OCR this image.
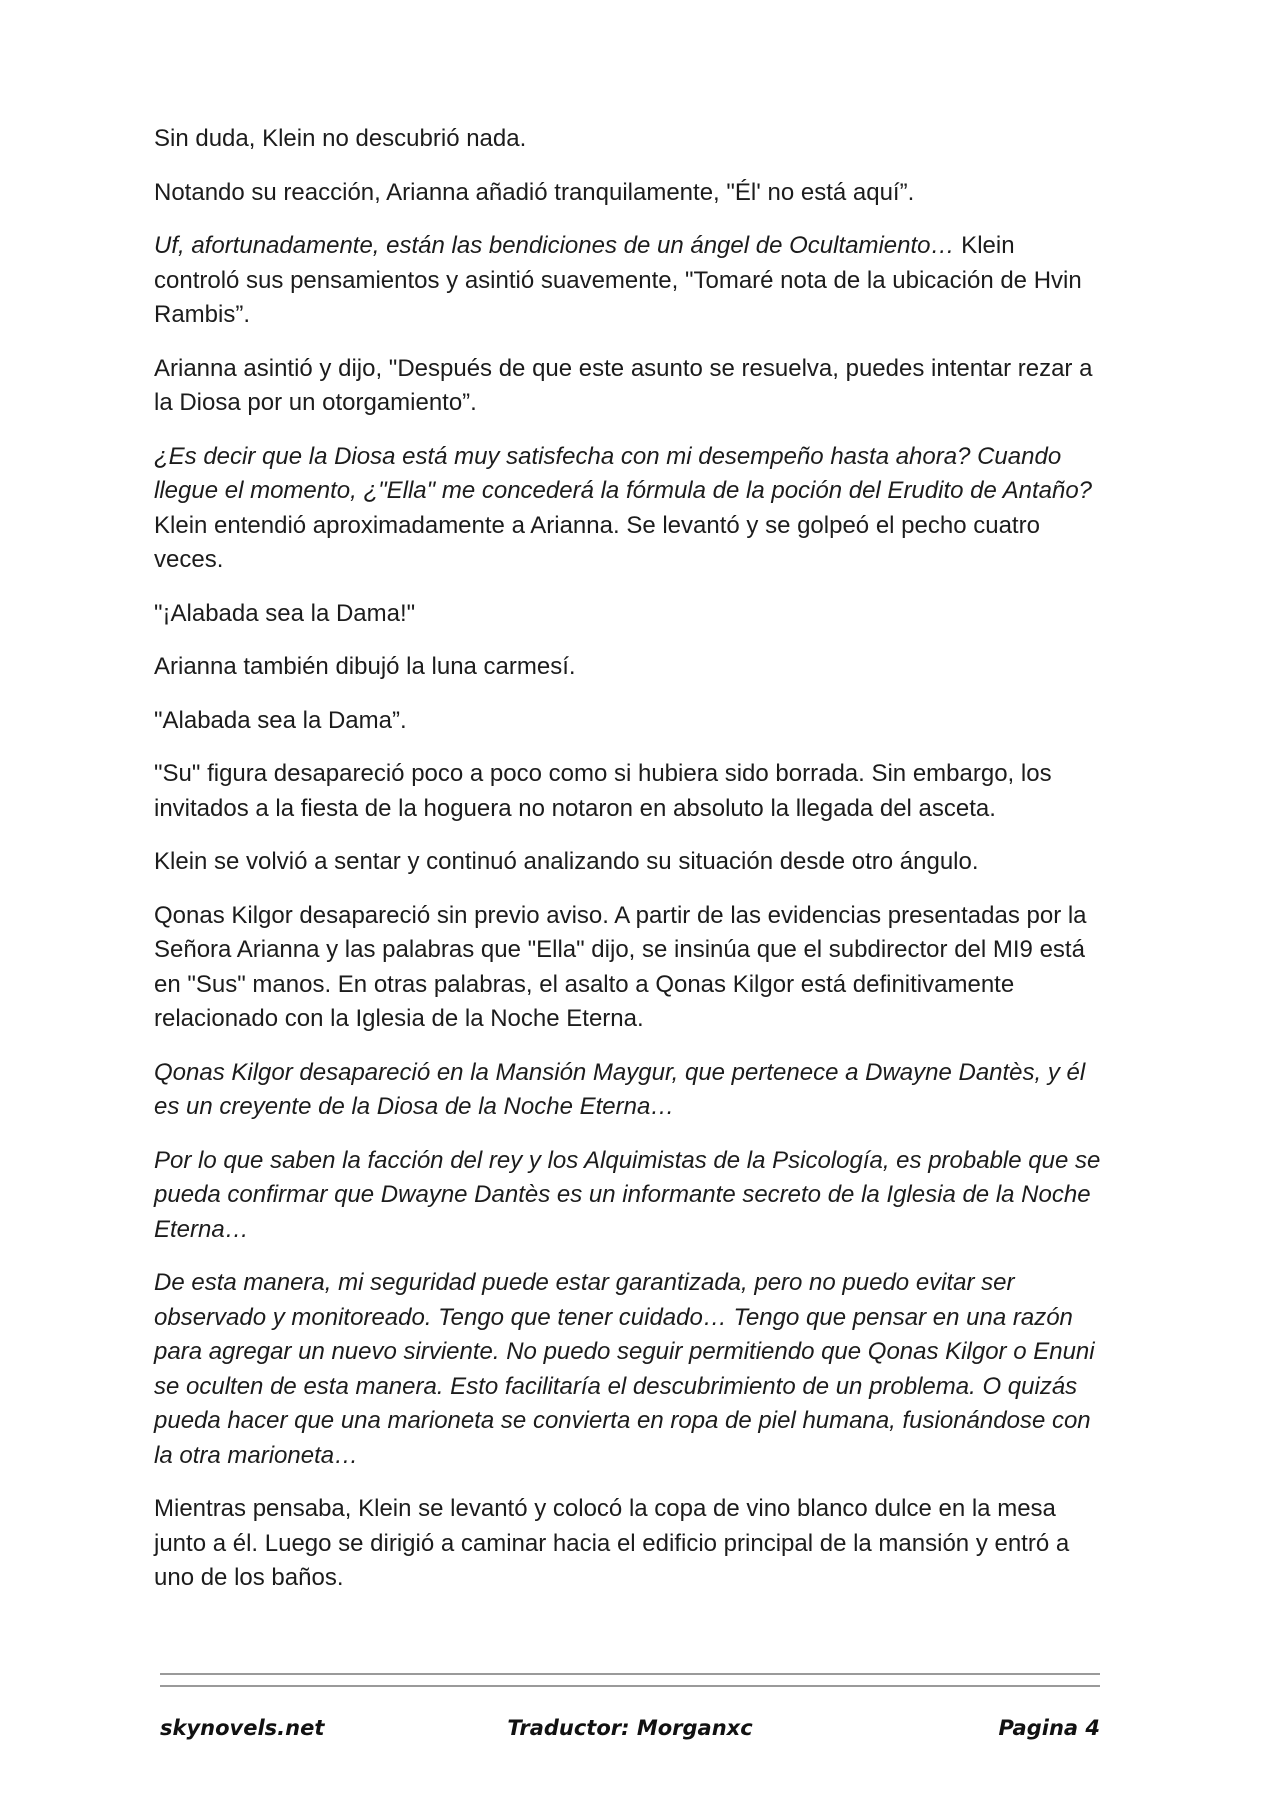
Sin duda, Klein no descubrió nada.

Notando su reacción, Arianna añadió tranquilamente, "Él' no está aquí”.

Uf, afortunadamente, están las bendiciones de un ángel de Ocultamiento… Klein controló sus pensamientos y asintió suavemente, "Tomaré nota de la ubicación de Hvin Rambis”.

Arianna asintió y dijo, "Después de que este asunto se resuelva, puedes intentar rezar a la Diosa por un otorgamiento”.

¿Es decir que la Diosa está muy satisfecha con mi desempeño hasta ahora? Cuando llegue el momento, ¿"Ella" me concederá la fórmula de la poción del Erudito de Antaño? Klein entendió aproximadamente a Arianna. Se levantó y se golpeó el pecho cuatro veces.

"¡Alabada sea la Dama!"

Arianna también dibujó la luna carmesí.

"Alabada sea la Dama”.

"Su" figura desapareció poco a poco como si hubiera sido borrada. Sin embargo, los invitados a la fiesta de la hoguera no notaron en absoluto la llegada del asceta.

Klein se volvió a sentar y continuó analizando su situación desde otro ángulo.

Qonas Kilgor desapareció sin previo aviso. A partir de las evidencias presentadas por la Señora Arianna y las palabras que "Ella" dijo, se insinúa que el subdirector del MI9 está en "Sus" manos. En otras palabras, el asalto a Qonas Kilgor está definitivamente relacionado con la Iglesia de la Noche Eterna.

Qonas Kilgor desapareció en la Mansión Maygur, que pertenece a Dwayne Dantès, y él es un creyente de la Diosa de la Noche Eterna…

Por lo que saben la facción del rey y los Alquimistas de la Psicología, es probable que se pueda confirmar que Dwayne Dantès es un informante secreto de la Iglesia de la Noche Eterna…

De esta manera, mi seguridad puede estar garantizada, pero no puedo evitar ser observado y monitoreado. Tengo que tener cuidado… Tengo que pensar en una razón para agregar un nuevo sirviente. No puedo seguir permitiendo que Qonas Kilgor o Enuni se oculten de esta manera. Esto facilitaría el descubrimiento de un problema. O quizás pueda hacer que una marioneta se convierta en ropa de piel humana, fusionándose con la otra marioneta…

Mientras pensaba, Klein se levantó y colocó la copa de vino blanco dulce en la mesa junto a él. Luego se dirigió a caminar hacia el edificio principal de la mansión y entró a uno de los baños.

skynovels.net	Traductor: Morganxc	Pagina 4
